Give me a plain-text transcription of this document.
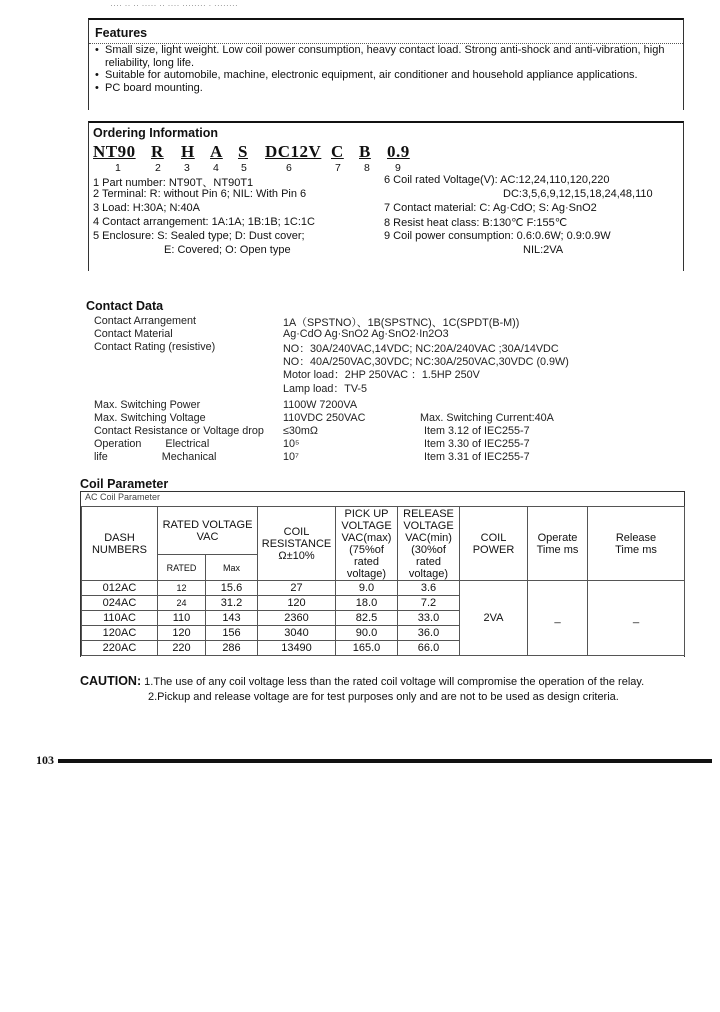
···· ·· ·· ····· ·· ···· ········ · ········
Features
• Small size, light weight. Low coil power consumption, heavy contact load. Strong anti-shock and anti-vibration, high reliability, long life.
• Suitable for automobile, machine, electronic equipment, air conditioner and household appliance applications.
• PC board mounting.
Ordering Information
NT90 R H A S DC12V C B 0.9
1	2 3 4 5	6	7 8 9
1 Part number: NT90T、NT90T1
2 Terminal: R: without Pin 6; NIL: With Pin 6
3 Load: H:30A; N:40A
4 Contact arrangement: 1A:1A; 1B:1B; 1C:1C
5 Enclosure: S: Sealed type; D: Dust cover;
E: Covered; O: Open type
6 Coil rated Voltage(V): AC:12,24,110,120,220
DC:3,5,6,9,12,15,18,24,48,110
7 Contact material: C: Ag·CdO; S: Ag·SnO2
8 Resist heat class: B:130℃ F:155℃
9 Coil power consumption: 0.6:0.6W; 0.9:0.9W
NIL:2VA
Contact Data
Contact Arrangement	1A（SPSTNO）、1B(SPSTNC)、1C(SPDT(B-M))
Contact Material	Ag·CdO Ag·SnO2 Ag·SnO2·In2O3
Contact Rating (resistive)	NO：30A/240VAC,14VDC; NC:20A/240VAC ;30A/14VDC
NO：40A/250VAC,30VDC; NC:30A/250VAC,30VDC (0.9W)
Motor load：2HP 250VAC ：1.5HP 250V
Lamp load：TV-5
Max. Switching Power	1100W 7200VA
Max. Switching Voltage	110VDC 250VAC	Max. Switching Current:40A
Contact Resistance or Voltage drop ≤30mΩ	Item 3.12 of IEC255-7
Operation        Electrical	10⁵	Item 3.30 of IEC255-7
life                  Mechanical	10⁷	Item 3.31 of IEC255-7
Coil Parameter
AC Coil Parameter
DASH NUMBERS	RATED VOLTAGE VAC		COIL RESISTANCE Ω±10%	PICK UP VOLTAGE VAC(max) (75%of rated voltage)	RELEASE VOLTAGE VAC(min) (30%of rated voltage)	COIL POWER	Operate Time ms	Release Time ms
	RATED	Max						
012AC	12	15.6	27	9.0	3.6	2VA	_	_
024AC	24	31.2	120	18.0	7.2			
110AC	110	143	2360	82.5	33.0			
120AC	120	156	3040	90.0	36.0			
220AC	220	286	13490	165.0	66.0			
CAUTION: 1.The use of any coil voltage less than the rated coil voltage will compromise the operation of the relay.
2.Pickup and release voltage are for test purposes only and are not to be used as design criteria.
103
